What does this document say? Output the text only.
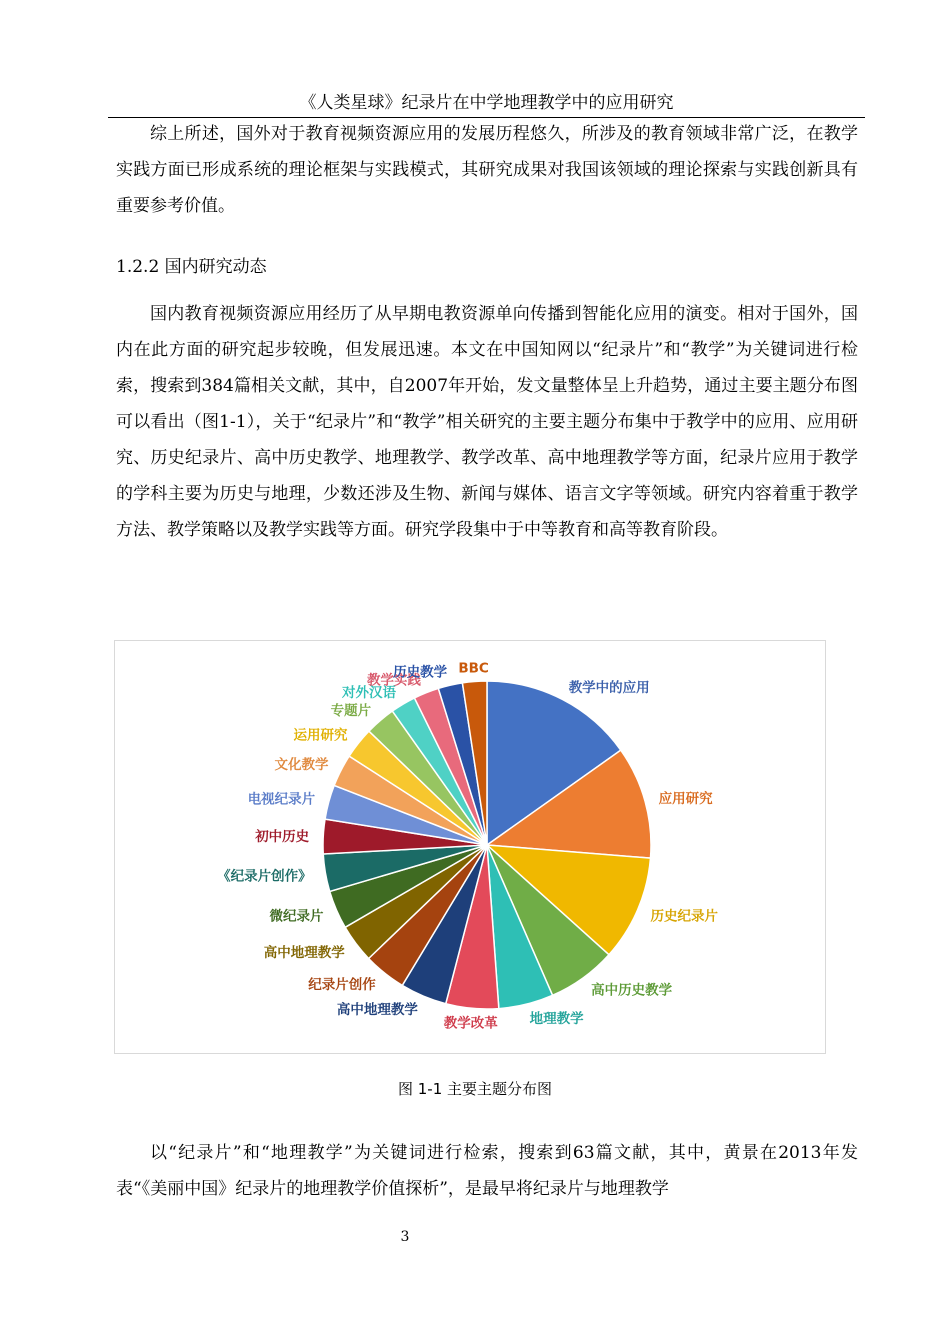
《人类星球》纪录片在中学地理教学中的应用研究

综上所述，国外对于教育视频资源应用的发展历程悠久，所涉及的教育领域非常广泛，在教学实践方面已形成系统的理论框架与实践模式，其研究成果对我国该领域的理论探索与实践创新具有重要参考价值。

1.2.2 国内研究动态

国内教育视频资源应用经历了从早期电教资源单向传播到智能化应用的演变。相对于国外，国内在此方面的研究起步较晚，但发展迅速。本文在中国知网以“纪录片”和“教学”为关键词进行检索，搜索到384篇相关文献，其中，自2007年开始，发文量整体呈上升趋势，通过主要主题分布图可以看出（图1-1），关于“纪录片”和“教学”相关研究的主要主题分布集中于教学中的应用、应用研究、历史纪录片、高中历史教学、地理教学、教学改革、高中地理教学等方面，纪录片应用于教学的学科主要为历史与地理，少数还涉及生物、新闻与媒体、语言文字等领域。研究内容着重于教学方法、教学策略以及教学实践等方面。研究学段集中于中等教育和高等教育阶段。

教学中的应用
应用研究
历史纪录片
高中历史教学
地理教学
教学改革
高中地理教学
纪录片创作
高中地理教学
微纪录片
《纪录片创作》
初中历史
电视纪录片
文化教学
运用研究
专题片
对外汉语
教学实践
历史教学 BBC
图 1-1 主要主题分布图

以“纪录片”和“地理教学”为关键词进行检索，搜索到63篇文献，其中，黄景在2013年发表“《美丽中国》纪录片的地理教学价值探析”，是最早将纪录片与地理教学

3
